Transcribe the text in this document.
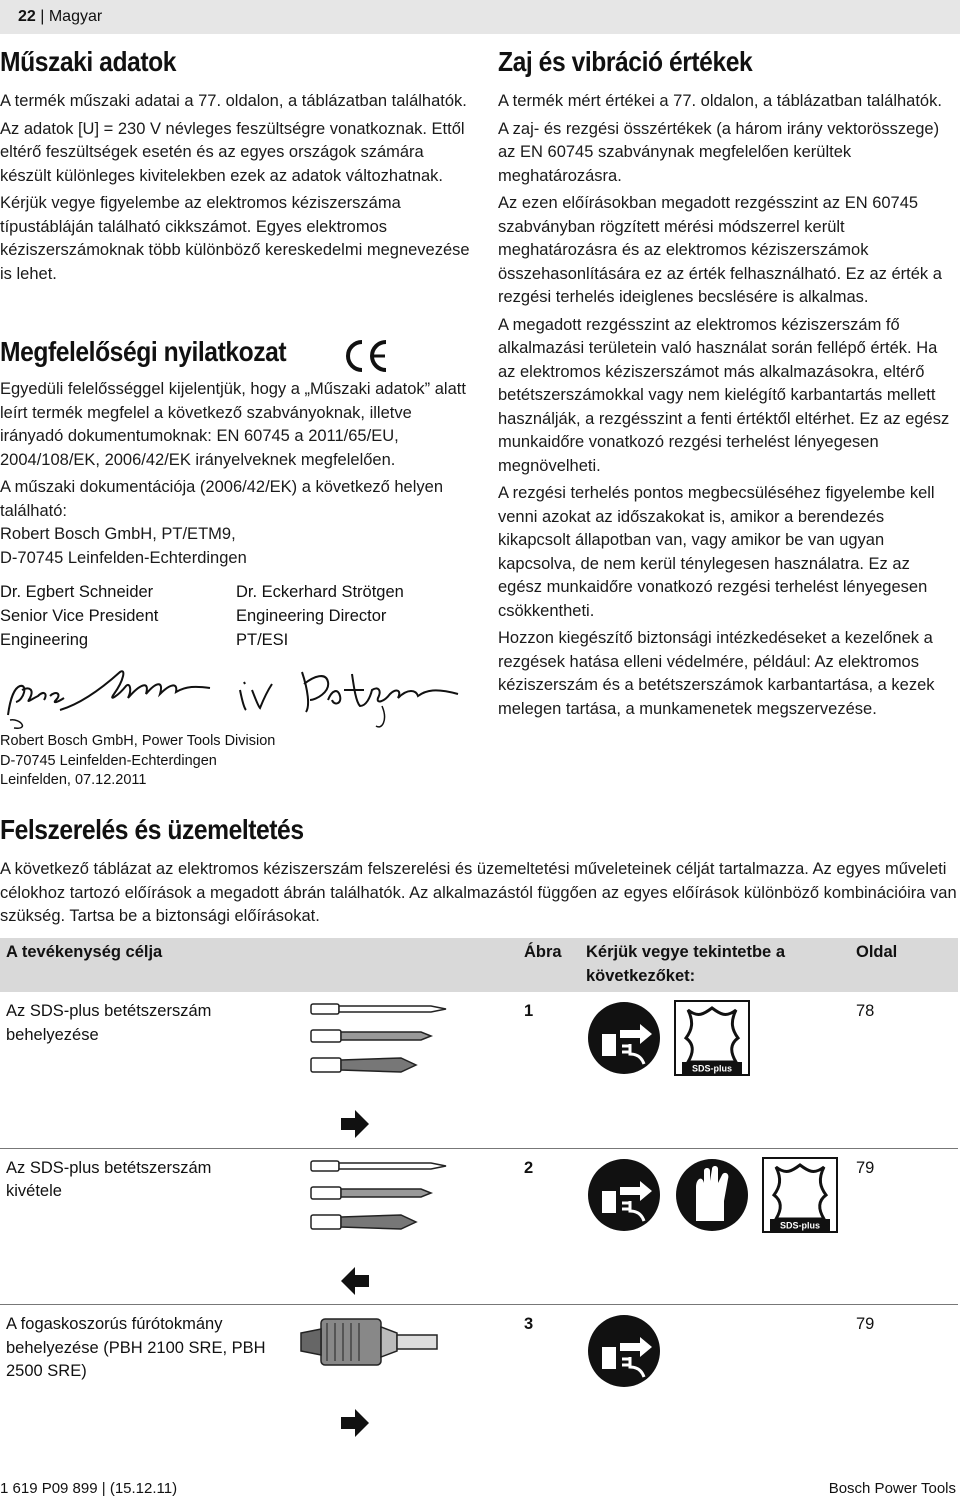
22 | Magyar
Műszaki adatok

A termék műszaki adatai a 77. oldalon, a táblázatban találhatók.

Az adatok [U] = 230 V névleges feszültségre vonatkoznak. Ettől eltérő feszültségek esetén és az egyes országok számára készült különleges kivitelekben ezek az adatok változhatnak.

Kérjük vegye figyelembe az elektromos kéziszerszáma típustábláján található cikkszámot. Egyes elektromos kéziszerszámoknak több különböző kereskedelmi megnevezése is lehet.

Megfelelőségi nyilatkozat

Egyedüli felelősséggel kijelentjük, hogy a „Műszaki adatok” alatt leírt termék megfelel a következő szabványoknak, illetve irányadó dokumentumoknak: EN 60745 a 2011/65/EU, 2004/108/EK, 2006/42/EK irányelveknek megfelelően.

A műszaki dokumentációja (2006/42/EK) a következő helyen található:
Robert Bosch GmbH, PT/ETM9,
D-70745 Leinfelden-Echterdingen

Dr. Egbert Schneider
Senior Vice President
Engineering
Dr. Eckerhard Strötgen
Engineering Director
PT/ESI
Robert Bosch GmbH, Power Tools Division
D-70745 Leinfelden-Echterdingen
Leinfelden, 07.12.2011
Zaj és vibráció értékek

A termék mért értékei a 77. oldalon, a táblázatban találhatók.

A zaj- és rezgési összértékek (a három irány vektorösszege) az EN 60745 szabványnak megfelelően kerültek meghatározásra.

Az ezen előírásokban megadott rezgésszint az EN 60745 szabványban rögzített mérési módszerrel került meghatározásra és az elektromos kéziszerszámok összehasonlítására ez az érték felhasználható. Ez az érték a rezgési terhelés ideiglenes becslésére is alkalmas.

A megadott rezgésszint az elektromos kéziszerszám fő alkalmazási területein való használat során fellépő érték. Ha az elektromos kéziszerszámot más alkalmazásokra, eltérő betétszerszámokkal vagy nem kielégítő karbantartás mellett használják, a rezgésszint a fenti értéktől eltérhet. Ez az egész munkaidőre vonatkozó rezgési terhelést lényegesen megnövelheti.

A rezgési terhelés pontos megbecsüléséhez figyelembe kell venni azokat az időszakokat is, amikor a berendezés kikapcsolt állapotban van, vagy amikor be van ugyan kapcsolva, de nem kerül ténylegesen használatra. Ez az egész munkaidőre vonatkozó rezgési terhelést lényegesen csökkentheti.

Hozzon kiegészítő biztonsági intézkedéseket a kezelőnek a rezgések hatása elleni védelmére, például: Az elektromos kéziszerszám és a betétszerszámok karbantartása, a kezek melegen tartása, a munkamenetek megszervezése.

Felszerelés és üzemeltetés
A következő táblázat az elektromos kéziszerszám felszerelési és üzemeltetési műveleteinek célját tartalmazza. Az egyes műveleti célokhoz tartozó előírások a megadott ábrán találhatók. Az alkalmazástól függően az egyes előírások különböző kombinációira van szükség. Tartsa be a biztonsági előírásokat.
A tevékenység célja		Ábra	Kérjük vegye tekintetbe a következőket:	Oldal
Az SDS-plus betétszerszám behelyezése		1	SDS-plus	78
Az SDS-plus betétszerszám kivétele		2	SDS-plus	79
A fogaskoszorús fúrótokmány behelyezése (PBH 2100 SRE, PBH 2500 SRE)		3		79
1 619 P09 899 | (15.12.11)	Bosch Power Tools
